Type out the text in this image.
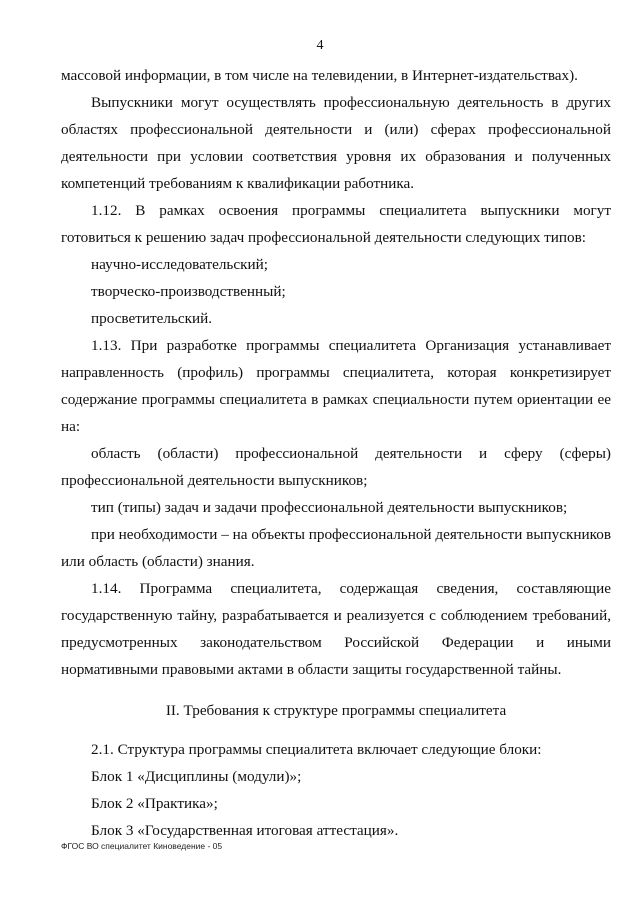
4

массовой информации, в том числе на телевидении, в Интернет-издательствах).

Выпускники могут осуществлять профессиональную деятельность в других областях профессиональной деятельности и (или) сферах профессиональной деятельности при условии соответствия уровня их образования и полученных компетенций требованиям к квалификации работника.

1.12. В рамках освоения программы специалитета выпускники могут готовиться к решению задач профессиональной деятельности следующих типов:

научно-исследовательский;

творческо-производственный;

просветительский.

1.13. При разработке программы специалитета Организация устанавливает направленность (профиль) программы специалитета, которая конкретизирует содержание программы специалитета в рамках специальности путем ориентации ее на:

область (области) профессиональной деятельности и сферу (сферы) профессиональной деятельности выпускников;

тип (типы) задач и задачи профессиональной деятельности выпускников;

при необходимости – на объекты профессиональной деятельности выпускников или область (области) знания.

1.14. Программа специалитета, содержащая сведения, составляющие государственную тайну, разрабатывается и реализуется с соблюдением требований, предусмотренных законодательством Российской Федерации и иными нормативными правовыми актами в области защиты государственной тайны.

II. Требования к структуре программы специалитета

2.1. Структура программы специалитета включает следующие блоки:

Блок 1 «Дисциплины (модули)»;

Блок 2 «Практика»;

Блок 3 «Государственная итоговая аттестация».

ФГОС ВО специалитет Киноведение - 05
